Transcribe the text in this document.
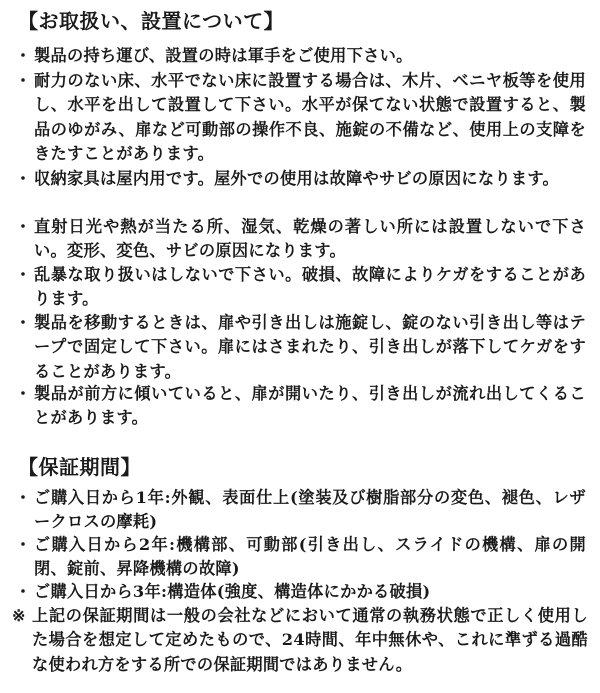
【お取扱い、設置について】
・ 製品の持ち運び、設置の時は軍手をご使用下さい。
・ 耐力のない床、水平でない床に設置する場合は、木片、ベニヤ板等を使用し、水平を出して設置して下さい。水平が保てない状態で設置すると、製品のゆがみ、扉など可動部の操作不良、施錠の不備など、使用上の支障をきたすことがあります。
・ 収納家具は屋内用です。屋外での使用は故障やサビの原因になります。
・ 直射日光や熱が当たる所、湿気、乾燥の著しい所には設置しないで下さい。変形、変色、サビの原因になります。
・ 乱暴な取り扱いはしないで下さい。破損、故障によりケガをすることがあります。
・ 製品を移動するときは、扉や引き出しは施錠し、錠のない引き出し等はテープで固定して下さい。扉にはさまれたり、引き出しが落下してケガをすることがあります。
・ 製品が前方に傾いていると、扉が開いたり、引き出しが流れ出してくることがあります。
【保証期間】
・ ご購入日から1年:外観、表面仕上(塗装及び樹脂部分の変色、褪色、レザークロスの摩耗)
・ ご購入日から2年:機構部、可動部(引き出し、スライドの機構、扉の開閉、錠前、昇降機構の故障)
・ ご購入日から3年:構造体(強度、構造体にかかる破損)
※ 上記の保証期間は一般の会社などにおいて通常の執務状態で正しく使用した場合を想定して定めたもので、24時間、年中無休や、これに準ずる過酷な使われ方をする所での保証期間ではありません。
